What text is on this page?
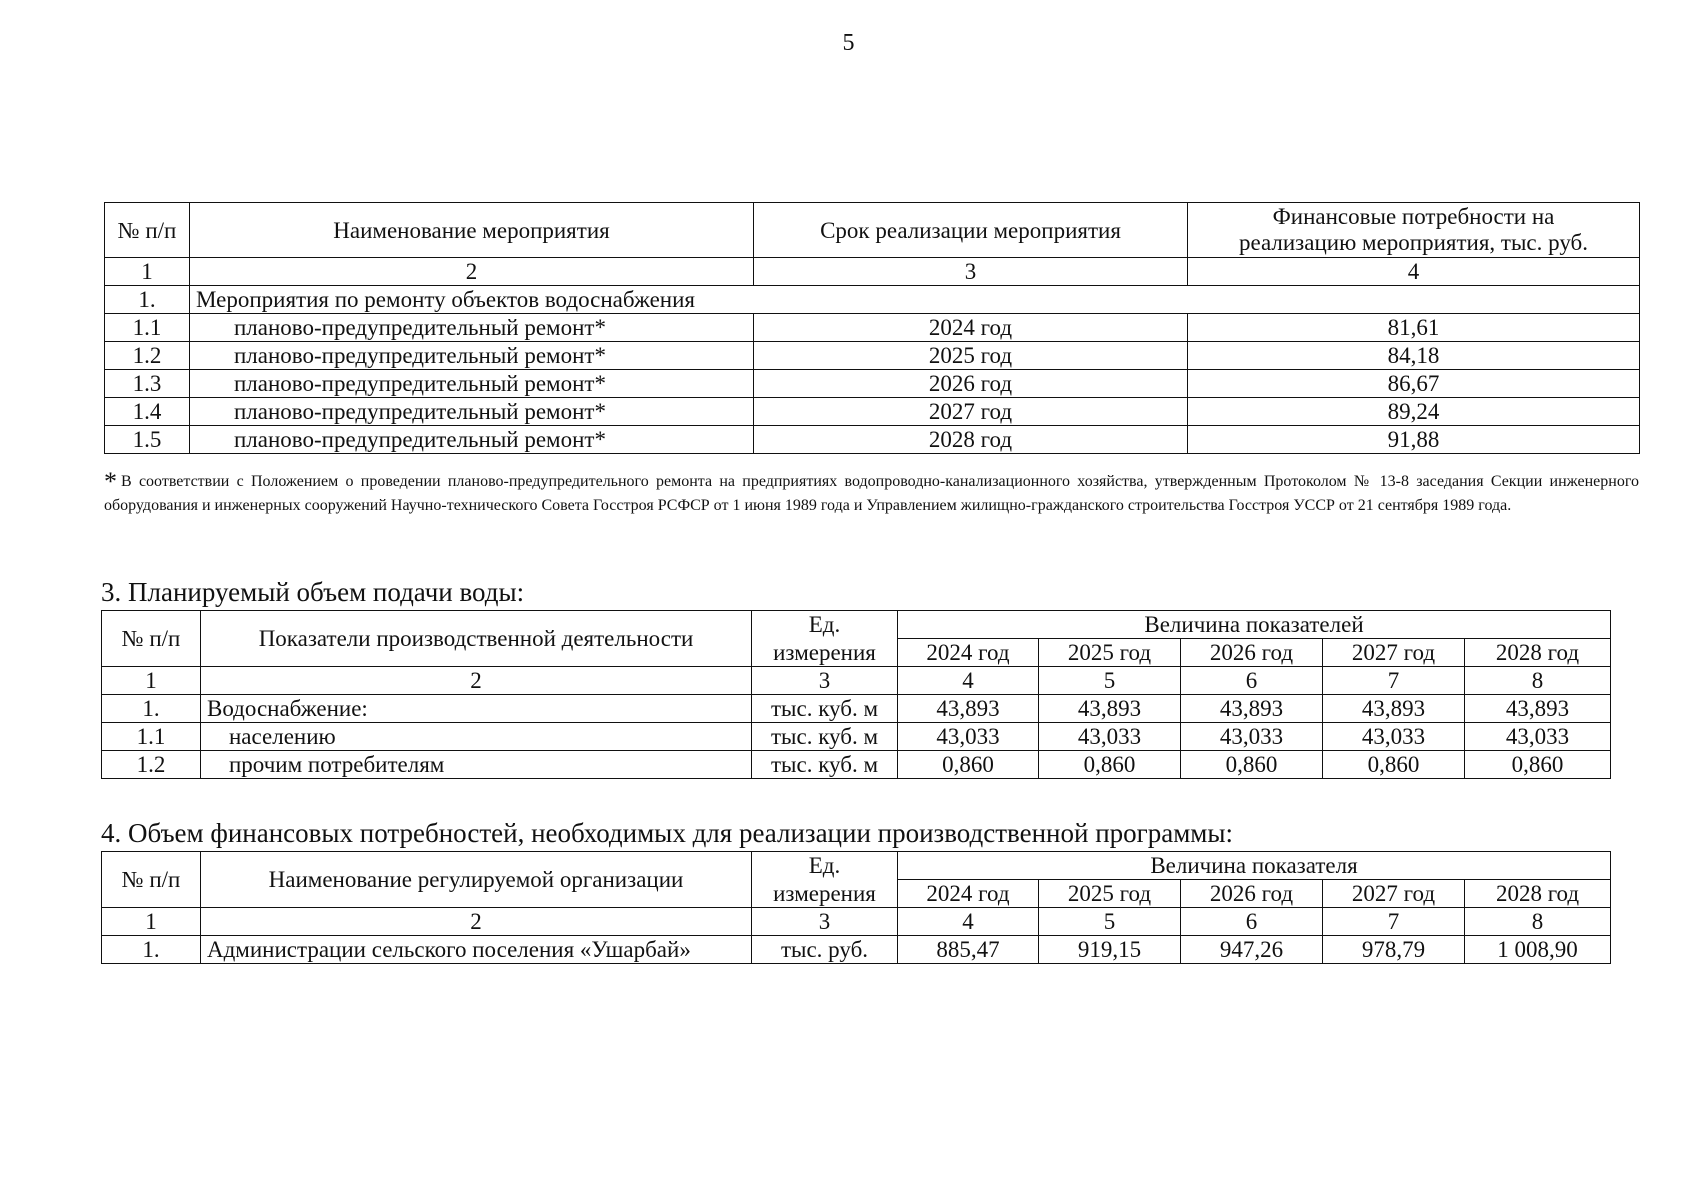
5
№ п/п	Наименование мероприятия	Срок реализации мероприятия	Финансовые потребности на
реализацию мероприятия, тыс. руб.

1	2	3	4
1.	Мероприятия по ремонту объектов водоснабжения		
1.1	планово-предупредительный ремонт*	2024 год	81,61
1.2	планово-предупредительный ремонт*	2025 год	84,18
1.3	планово-предупредительный ремонт*	2026 год	86,67
1.4	планово-предупредительный ремонт*	2027 год	89,24
1.5	планово-предупредительный ремонт*	2028 год	91,88
* В соответствии с Положением о проведении планово-предупредительного ремонта на предприятиях водопроводно-канализационного хозяйства, утвержденным Протоколом № 13-8 заседания Секции инженерного оборудования и инженерных сооружений Научно-технического Совета Госстроя РСФСР от 1 июня 1989 года и Управлением жилищно-гражданского строительства Госстроя УССР от 21 сентября 1989 года.
3. Планируемый объем подачи воды:
№ п/п	Показатели производственной деятельности	Ед.	Величина показателей				
		измерения	2024 год	2025 год	2026 год	2027 год	2028 год
1	2	3	4	5	6	7	8
1.	Водоснабжение:	тыс. куб. м	43,893	43,893	43,893	43,893	43,893
1.1	населению	тыс. куб. м	43,033	43,033	43,033	43,033	43,033
1.2	прочим потребителям	тыс. куб. м	0,860	0,860	0,860	0,860	0,860
4. Объем финансовых потребностей, необходимых для реализации производственной программы:
№ п/п	Наименование регулируемой организации	Ед.	Величина показателя				
		измерения	2024 год	2025 год	2026 год	2027 год	2028 год
1	2	3	4	5	6	7	8
1.	Администрации сельского поселения «Ушарбай»	тыс. руб.	885,47	919,15	947,26	978,79	1 008,90
